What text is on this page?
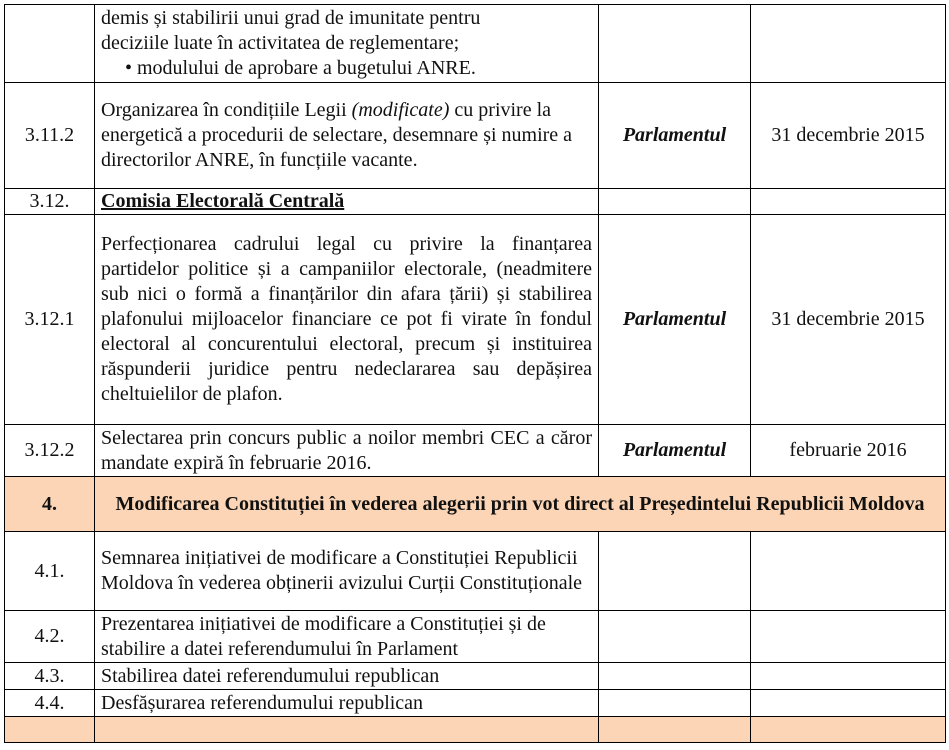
	demis și stabilirii unui grad de imunitate pentru
deciziile luate în activitatea de reglementare;
• modulului de aprobare a bugetului ANRE.		

3.11.2	Organizarea în condițiile Legii (modificate) cu privire la energetică a procedurii de selectare, desemnare și numire a directorilor ANRE, în funcțiile vacante.	Parlamentul	31 decembrie 2015
3.12.	Comisia Electorală Centrală		
3.12.1	Perfecționarea cadrului legal cu privire la finanțarea partidelor politice și a campaniilor electorale, (neadmitere sub nici o formă a finanțărilor din afara țării) și stabilirea plafonului mijloacelor financiare ce pot fi virate în fondul electoral al concurentului electoral, precum și instituirea răspunderii juridice pentru nedeclararea sau depășirea cheltuielilor de plafon.	Parlamentul	31 decembrie 2015
3.12.2	Selectarea prin concurs public a noilor membri CEC a căror mandate expiră în februarie 2016.	Parlamentul	februarie 2016
4.	Modificarea Constituției în vederea alegerii prin vot direct al Președintelui Republicii Moldova		
4.1.	Semnarea inițiativei de modificare a Constituției Republicii Moldova în vederea obținerii avizului Curții Constituționale		
4.2.	Prezentarea inițiativei de modificare a Constituției și de stabilire a datei referendumului în Parlament		
4.3.	Stabilirea datei referendumului republican		
4.4.	Desfășurarea referendumului republican		
